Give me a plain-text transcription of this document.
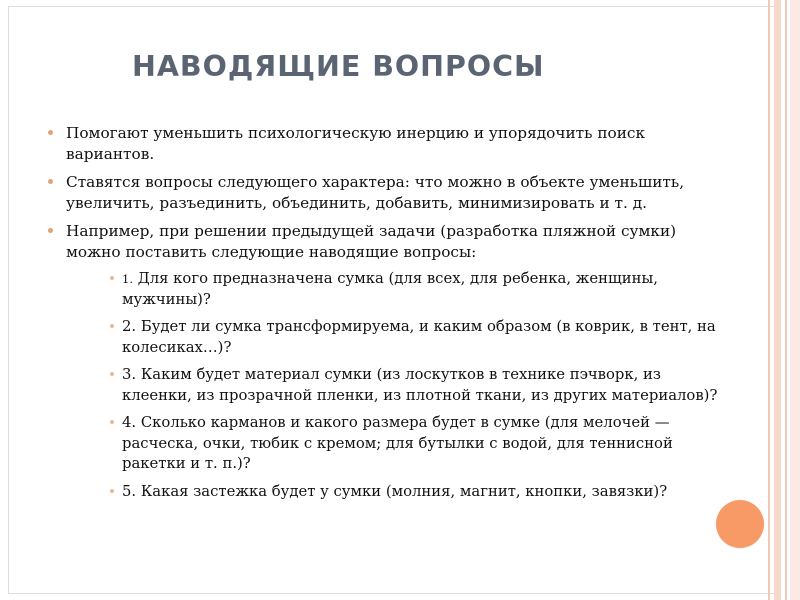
НАВОДЯЩИЕ ВОПРОСЫ
Помогают уменьшить психологическую инерцию и упорядочить поиск вариантов.
Ставятся вопросы следующего характера: что можно в объекте уменьшить, увеличить, разъединить, объединить, добавить, минимизировать и т. д.
Например, при решении предыдущей задачи (разработка пляжной сумки) можно поставить следующие наводящие вопросы:
1. Для кого предназначена сумка (для всех, для ребенка, женщины, мужчины)?
2. Будет ли сумка трансформируема, и каким образом (в коврик, в тент, на колесиках…)?
3. Каким будет материал сумки (из лоскутков в технике пэчворк, из клеенки, из прозрачной пленки, из плотной ткани, из других материалов)?
4. Сколько карманов и какого размера будет в сумке (для мелочей — расческа, очки, тюбик с кремом; для бутылки с водой, для теннисной ракетки и т. п.)?
5. Какая застежка будет у сумки (молния, магнит, кнопки, завязки)?
